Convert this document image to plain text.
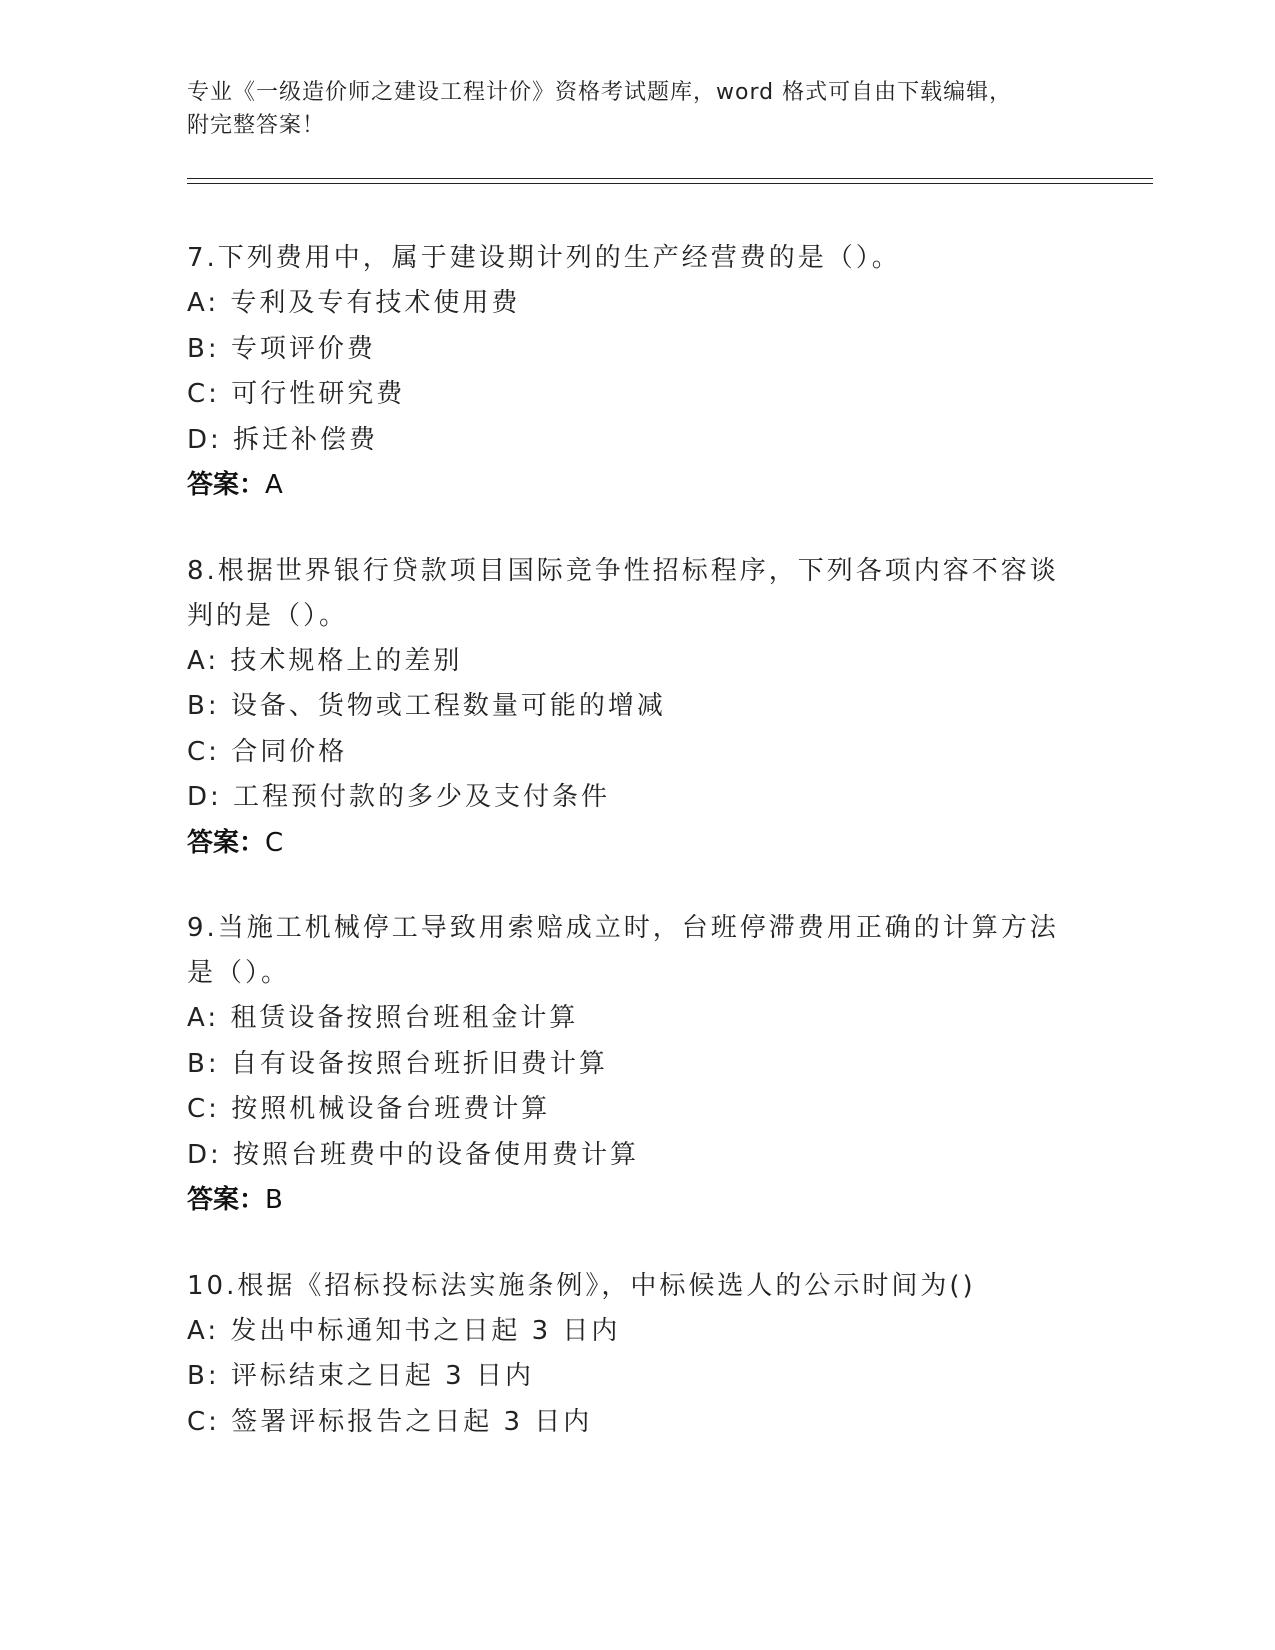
专业《一级造价师之建设工程计价》资格考试题库，word 格式可自由下载编辑，
附完整答案！
7.下列费用中，属于建设期计列的生产经营费的是（）。
A: 专利及专有技术使用费
B: 专项评价费
C: 可行性研究费
D: 拆迁补偿费
答案：A
8.根据世界银行贷款项目国际竞争性招标程序，下列各项内容不容谈
判的是（）。
A: 技术规格上的差别
B: 设备、货物或工程数量可能的增减
C: 合同价格
D: 工程预付款的多少及支付条件
答案：C
9.当施工机械停工导致用索赔成立时，台班停滞费用正确的计算方法
是（）。
A: 租赁设备按照台班租金计算
B: 自有设备按照台班折旧费计算
C: 按照机械设备台班费计算
D: 按照台班费中的设备使用费计算
答案：B
10.根据《招标投标法实施条例》，中标候选人的公示时间为()
A: 发出中标通知书之日起 3 日内
B: 评标结束之日起 3 日内
C: 签署评标报告之日起 3 日内
